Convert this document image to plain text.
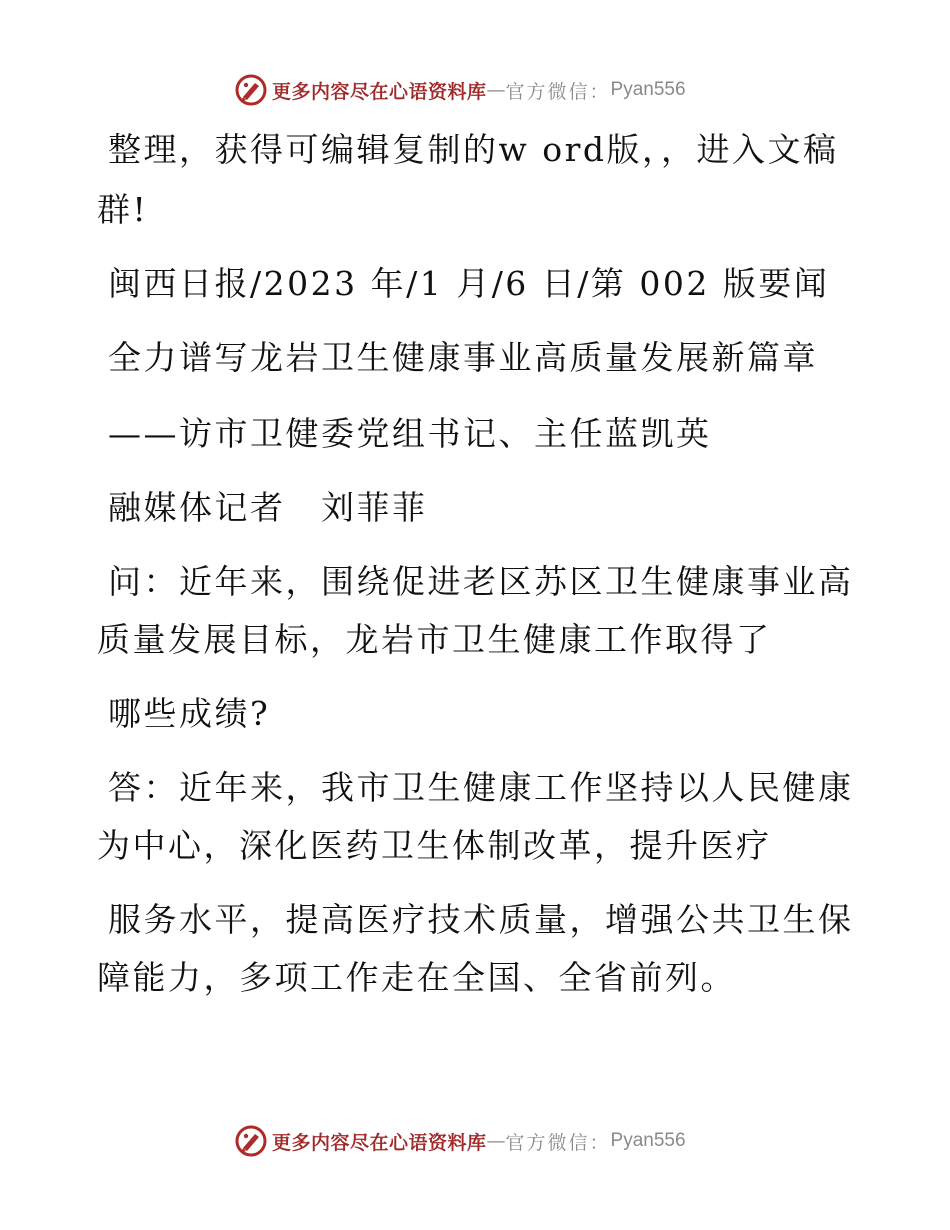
更多内容尽在心语资料库 — 官方微信： Pyan556
整理，获得可编辑复制的w ord版，，进入文稿
群!
闽西日报/2023 年/1 月/6 日/第 002 版要闻
全力谱写龙岩卫生健康事业高质量发展新篇章
——访市卫健委党组书记、主任蓝凯英
融媒体记者　刘菲菲
问：近年来，围绕促进老区苏区卫生健康事业高
质量发展目标，龙岩市卫生健康工作取得了
哪些成绩?
答：近年来，我市卫生健康工作坚持以人民健康
为中心，深化医药卫生体制改革，提升医疗
服务水平，提高医疗技术质量，增强公共卫生保
障能力，多项工作走在全国、全省前列。
更多内容尽在心语资料库 — 官方微信： Pyan556
